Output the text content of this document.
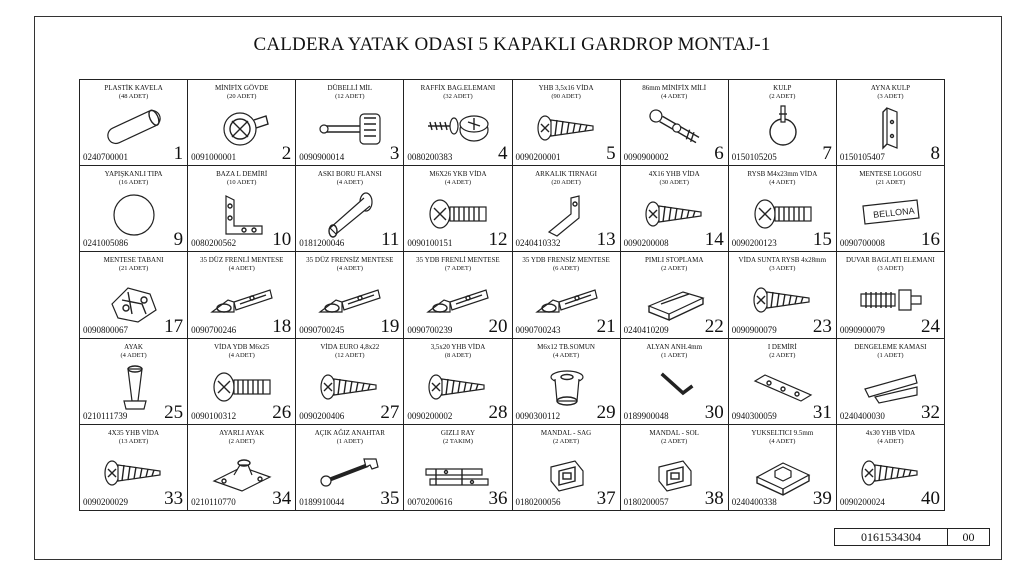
CALDERA YATAK ODASI 5 KAPAKLI GARDROP MONTAJ-1
PLASTİK KAVELA
(48 ADET)
0240700001 1
MİNİFİX GÖVDE
(20 ADET)
0091000001 2
DÜBELLİ MİL
(12 ADET)
0090900014 3
RAFFİX BAG.ELEMANI
(32 ADET)
0080200383 4
YHB 3,5x16 VİDA
(90 ADET)
0090200001 5
86mm MİNİFİX MİLİ
(4 ADET)
0090900002 6
KULP
(2 ADET)
0150105205 7
AYNA KULP
(3 ADET)
0150105407 8
YAPIŞKANLI TIPA
(16 ADET)
0241005086 9
BAZA L DEMİRİ
(10 ADET)
0080200562 10
ASKI BORU FLANSI
(4 ADET)
0181200046 11
M6X26 YKB VİDA
(4 ADET)
0090100151 12
ARKALIK TIRNAGI
(20 ADET)
0240410332 13
4X16 YHB VİDA
(30 ADET)
0090200008 14
RYSB M4x23mm VİDA
(4 ADET)
0090200123 15
MENTESE LOGOSU
(21 ADET)
BELLONA
0090700008 16
MENTESE TABANI
(21 ADET)
0090800067 17
35 DÜZ FRENLİ MENTESE
(4 ADET)
0090700246 18
35 DÜZ FRENSİZ MENTESE
(4 ADET)
0090700245 19
35 YDB FRENLİ MENTESE
(7 ADET)
0090700239 20
35 YDB FRENSİZ MENTESE
(6 ADET)
0090700243 21
PIMLI STOPLAMA
(2 ADET)
0240410209 22
VİDA SUNTA RYSB 4x28mm
(3 ADET)
0090900079 23
DUVAR BAGLATI ELEMANI
(3 ADET)
0090900079 24
AYAK
(4 ADET)
0210111739 25
VİDA YDB M6x25
(4 ADET)
0090100312 26
VİDA EURO 4,8x22
(12 ADET)
0090200406 27
3,5x20 YHB VİDA
(8 ADET)
0090200002 28
M6x12 TB.SOMUN
(4 ADET)
0090300112 29
ALYAN ANH.4mm
(1 ADET)
0189900048 30
I DEMİRİ
(2 ADET)
0940300059 31
DENGELEME KAMASI
(1 ADET)
0240400030 32
4X35 YHB VİDA
(13 ADET)
0090200029 33
AYARLI AYAK
(2 ADET)
0210110770 34
AÇIK AĞIZ ANAHTAR
(1 ADET)
0189910044 35
GIZLI RAY
(2 TAKIM)
0070200616 36
MANDAL - SAG
(2 ADET)
0180200056 37
MANDAL - SOL
(2 ADET)
0180200057 38
YUKSELTICI 9.5mm
(4 ADET)
0240400338 39
4x30 YHB VİDA
(4 ADET)
0090200024 40
0161534304	00
